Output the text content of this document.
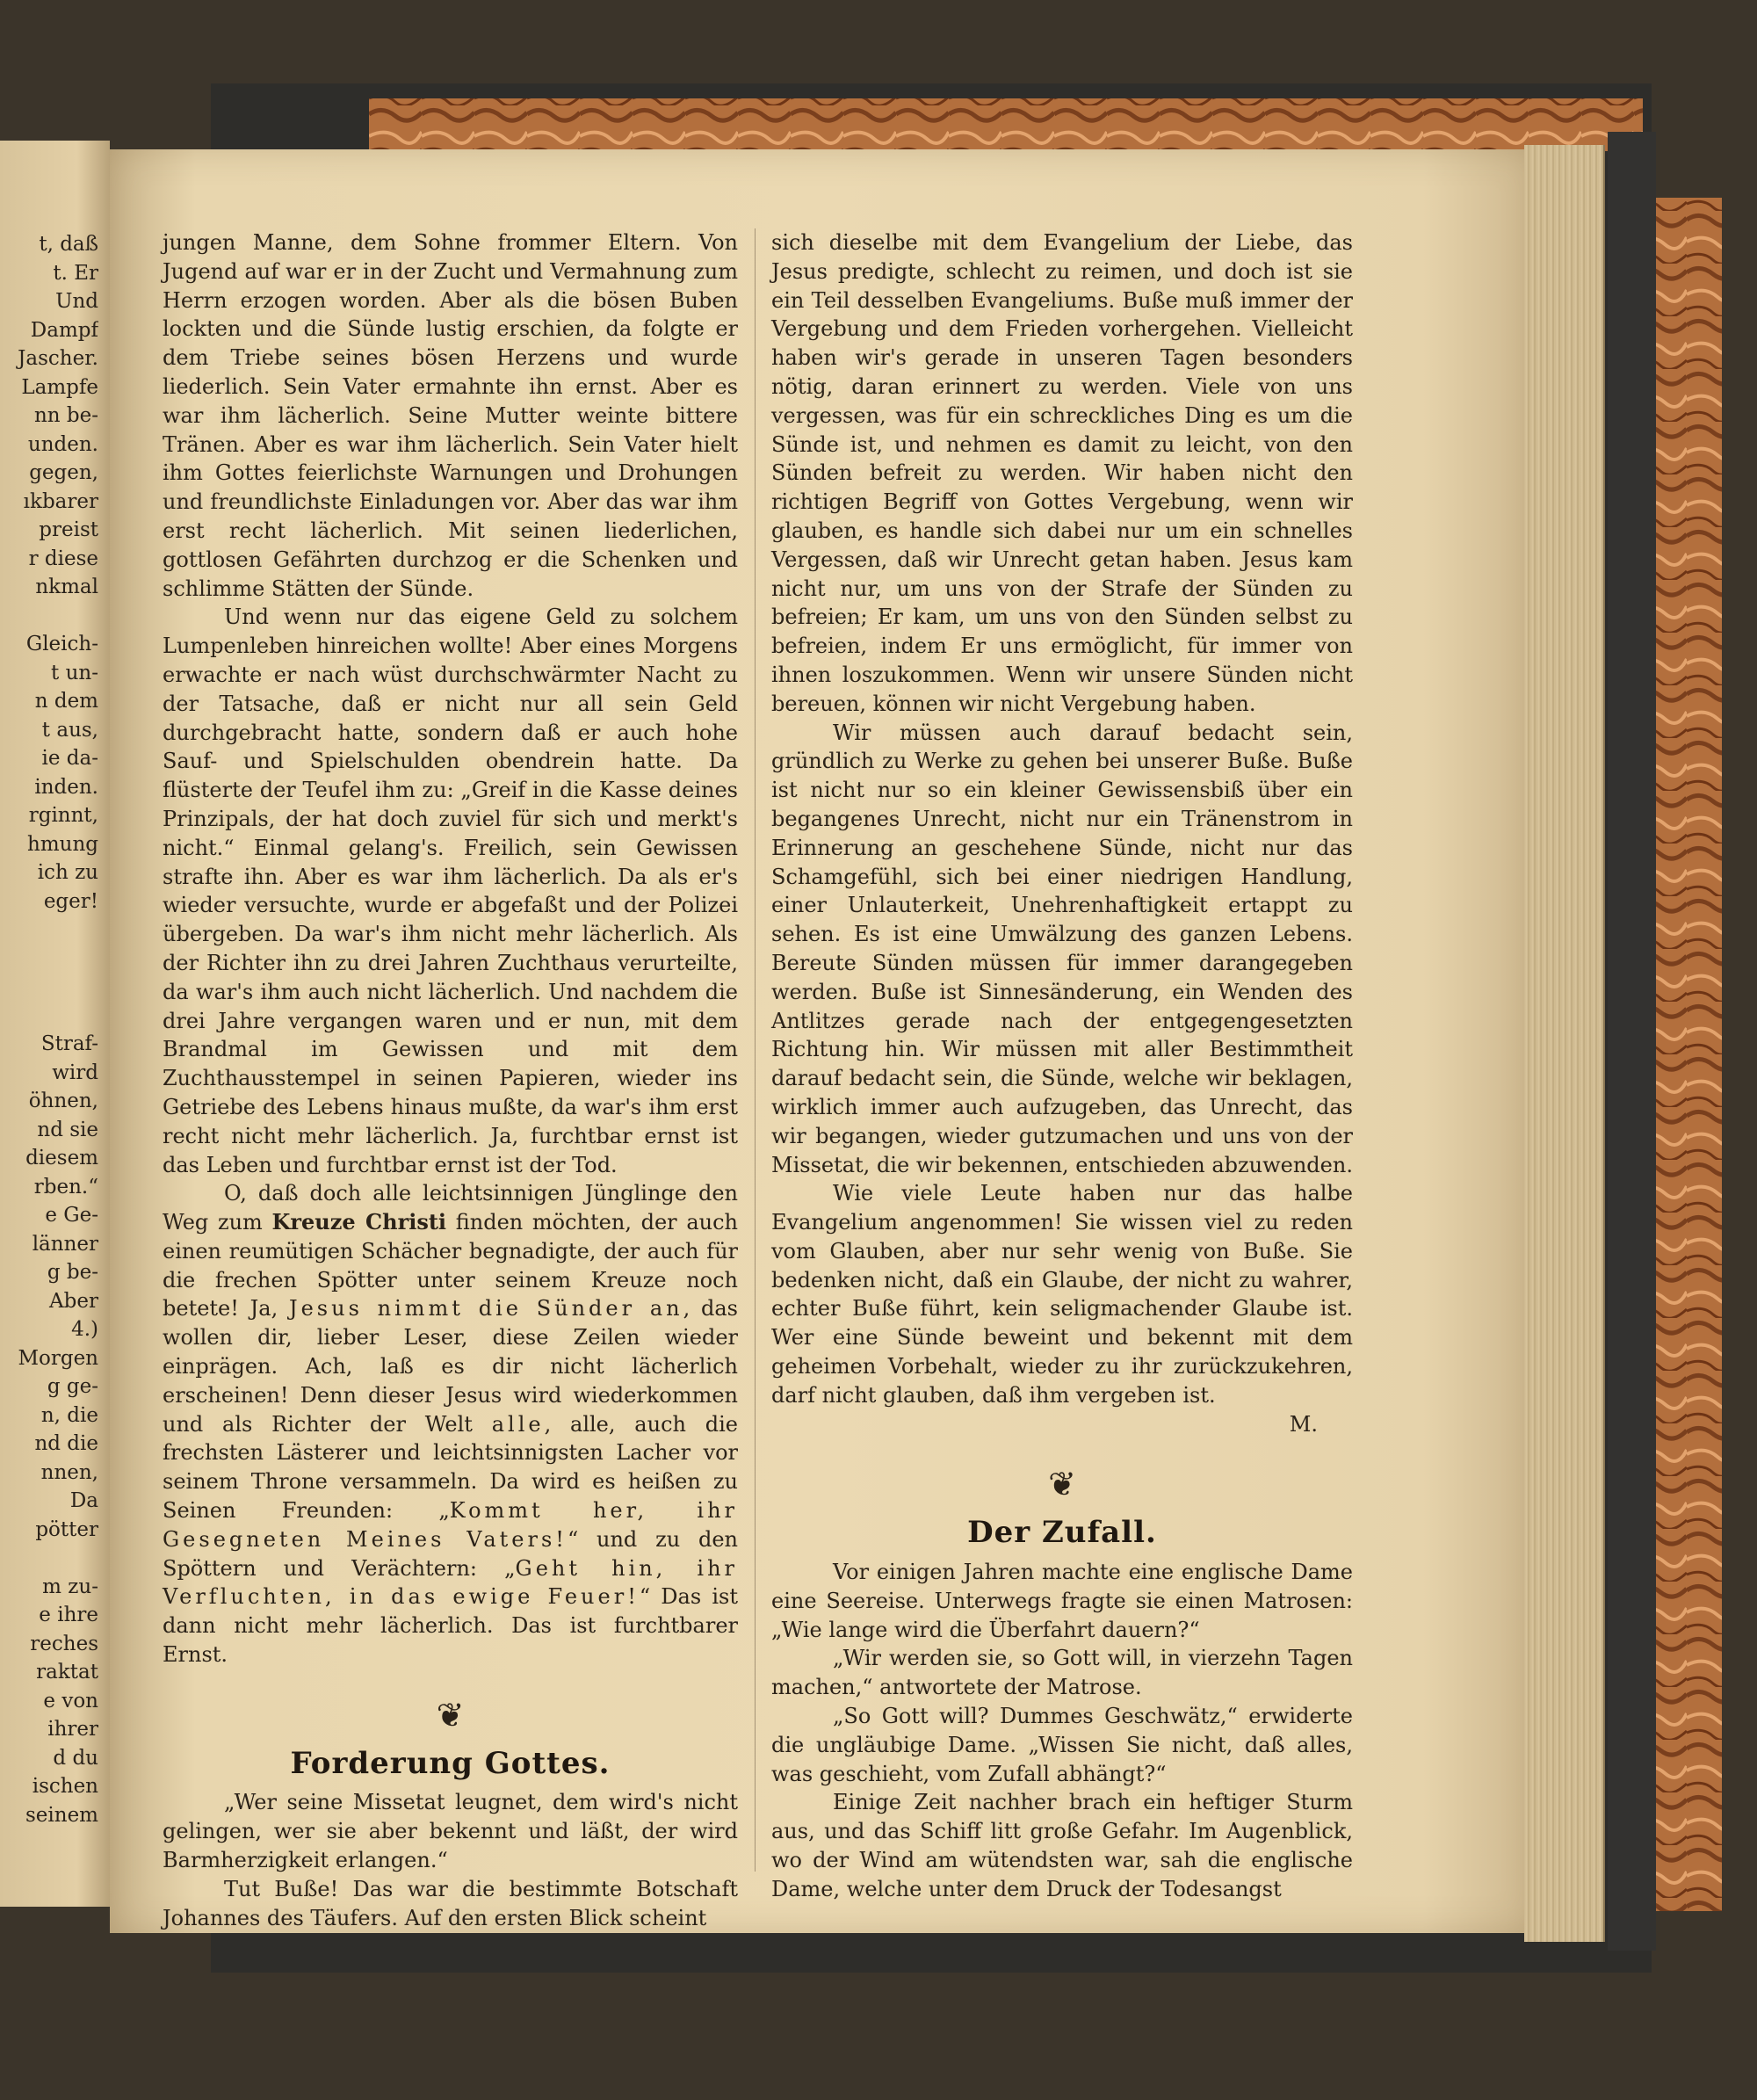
t, daß
t. Er
Und
Dampf
Jascher.
Lampfe
nn be-
unden.
gegen,
ıkbarer
preist
r diese
nkmal

Gleich-
t un-
n dem
t aus,
ie da-
inden.
rginnt,
hmung
ich zu
eger!

Straf-
wird
öhnen,
nd sie
diesem
rben.“
e Ge-
länner
g be-
Aber
4.)
Morgen
g ge-
n, die
nd die
nnen,
Da
pötter

m zu-
e ihre
reches
raktat
e von
ihrer
d du
ischen
seinem

jungen Manne, dem Sohne frommer Eltern. Von Jugend auf war er in der Zucht und Vermahnung zum Herrn erzogen worden. Aber als die bösen Buben lockten und die Sünde lustig erschien, da folgte er dem Triebe seines bösen Herzens und wurde liederlich. Sein Vater ermahnte ihn ernst. Aber es war ihm lächerlich. Seine Mutter weinte bittere Tränen. Aber es war ihm lächerlich. Sein Vater hielt ihm Gottes feierlichste Warnungen und Drohungen und freundlichste Einladungen vor. Aber das war ihm erst recht lächerlich. Mit seinen liederlichen, gottlosen Gefährten durchzog er die Schenken und schlimme Stätten der Sünde.

Und wenn nur das eigene Geld zu solchem Lumpenleben hinreichen wollte! Aber eines Morgens erwachte er nach wüst durchschwärmter Nacht zu der Tatsache, daß er nicht nur all sein Geld durchgebracht hatte, sondern daß er auch hohe Sauf- und Spielschulden obendrein hatte. Da flüsterte der Teufel ihm zu: „Greif in die Kasse deines Prinzipals, der hat doch zuviel für sich und merkt's nicht.“ Einmal gelang's. Freilich, sein Gewissen strafte ihn. Aber es war ihm lächerlich. Da als er's wieder versuchte, wurde er abgefaßt und der Polizei übergeben. Da war's ihm nicht mehr lächerlich. Als der Richter ihn zu drei Jahren Zuchthaus verurteilte, da war's ihm auch nicht lächerlich. Und nachdem die drei Jahre vergangen waren und er nun, mit dem Brandmal im Gewissen und mit dem Zuchthausstempel in seinen Papieren, wieder ins Getriebe des Lebens hinaus mußte, da war's ihm erst recht nicht mehr lächerlich. Ja, furchtbar ernst ist das Leben und furchtbar ernst ist der Tod.

O, daß doch alle leichtsinnigen Jünglinge den Weg zum Kreuze Christi finden möchten, der auch einen reumütigen Schächer begnadigte, der auch für die frechen Spötter unter seinem Kreuze noch betete! Ja, Jesus nimmt die Sünder an, das wollen dir, lieber Leser, diese Zeilen wieder einprägen. Ach, laß es dir nicht lächerlich erscheinen! Denn dieser Jesus wird wiederkommen und als Richter der Welt alle, alle, auch die frechsten Lästerer und leichtsinnigsten Lacher vor seinem Throne versammeln. Da wird es heißen zu Seinen Freunden: „Kommt her, ihr Gesegneten Meines Vaters!“ und zu den Spöttern und Verächtern: „Geht hin, ihr Verfluchten, in das ewige Feuer!“ Das ist dann nicht mehr lächerlich. Das ist furchtbarer Ernst.

❦
Forderung Gottes.

„Wer seine Missetat leugnet, dem wird's nicht gelingen, wer sie aber bekennt und läßt, der wird Barmherzigkeit erlangen.“

Tut Buße! Das war die bestimmte Botschaft Johannes des Täufers. Auf den ersten Blick scheint

sich dieselbe mit dem Evangelium der Liebe, das Jesus predigte, schlecht zu reimen, und doch ist sie ein Teil desselben Evangeliums. Buße muß immer der Vergebung und dem Frieden vorhergehen. Vielleicht haben wir's gerade in unseren Tagen besonders nötig, daran erinnert zu werden. Viele von uns vergessen, was für ein schreckliches Ding es um die Sünde ist, und nehmen es damit zu leicht, von den Sünden befreit zu werden. Wir haben nicht den richtigen Begriff von Gottes Vergebung, wenn wir glauben, es handle sich dabei nur um ein schnelles Vergessen, daß wir Unrecht getan haben. Jesus kam nicht nur, um uns von der Strafe der Sünden zu befreien; Er kam, um uns von den Sünden selbst zu befreien, indem Er uns ermöglicht, für immer von ihnen loszukommen. Wenn wir unsere Sünden nicht bereuen, können wir nicht Vergebung haben.

Wir müssen auch darauf bedacht sein, gründlich zu Werke zu gehen bei unserer Buße. Buße ist nicht nur so ein kleiner Gewissensbiß über ein begangenes Unrecht, nicht nur ein Tränenstrom in Erinnerung an geschehene Sünde, nicht nur das Schamgefühl, sich bei einer niedrigen Handlung, einer Unlauterkeit, Unehrenhaftigkeit ertappt zu sehen. Es ist eine Umwälzung des ganzen Lebens. Bereute Sünden müssen für immer darangegeben werden. Buße ist Sinnesänderung, ein Wenden des Antlitzes gerade nach der entgegengesetzten Richtung hin. Wir müssen mit aller Bestimmtheit darauf bedacht sein, die Sünde, welche wir beklagen, wirklich immer auch aufzugeben, das Unrecht, das wir begangen, wieder gutzumachen und uns von der Missetat, die wir bekennen, entschieden abzuwenden.

Wie viele Leute haben nur das halbe Evangelium angenommen! Sie wissen viel zu reden vom Glauben, aber nur sehr wenig von Buße. Sie bedenken nicht, daß ein Glaube, der nicht zu wahrer, echter Buße führt, kein seligmachender Glaube ist. Wer eine Sünde beweint und bekennt mit dem geheimen Vorbehalt, wieder zu ihr zurückzukehren, darf nicht glauben, daß ihm vergeben ist.

M.

❦
Der Zufall.

Vor einigen Jahren machte eine englische Dame eine Seereise. Unterwegs fragte sie einen Matrosen: „Wie lange wird die Überfahrt dauern?“

„Wir werden sie, so Gott will, in vierzehn Tagen machen,“ antwortete der Matrose.

„So Gott will? Dummes Geschwätz,“ erwiderte die ungläubige Dame. „Wissen Sie nicht, daß alles, was geschieht, vom Zufall abhängt?“

Einige Zeit nachher brach ein heftiger Sturm aus, und das Schiff litt große Gefahr. Im Augenblick, wo der Wind am wütendsten war, sah die englische Dame, welche unter dem Druck der Todesangst
